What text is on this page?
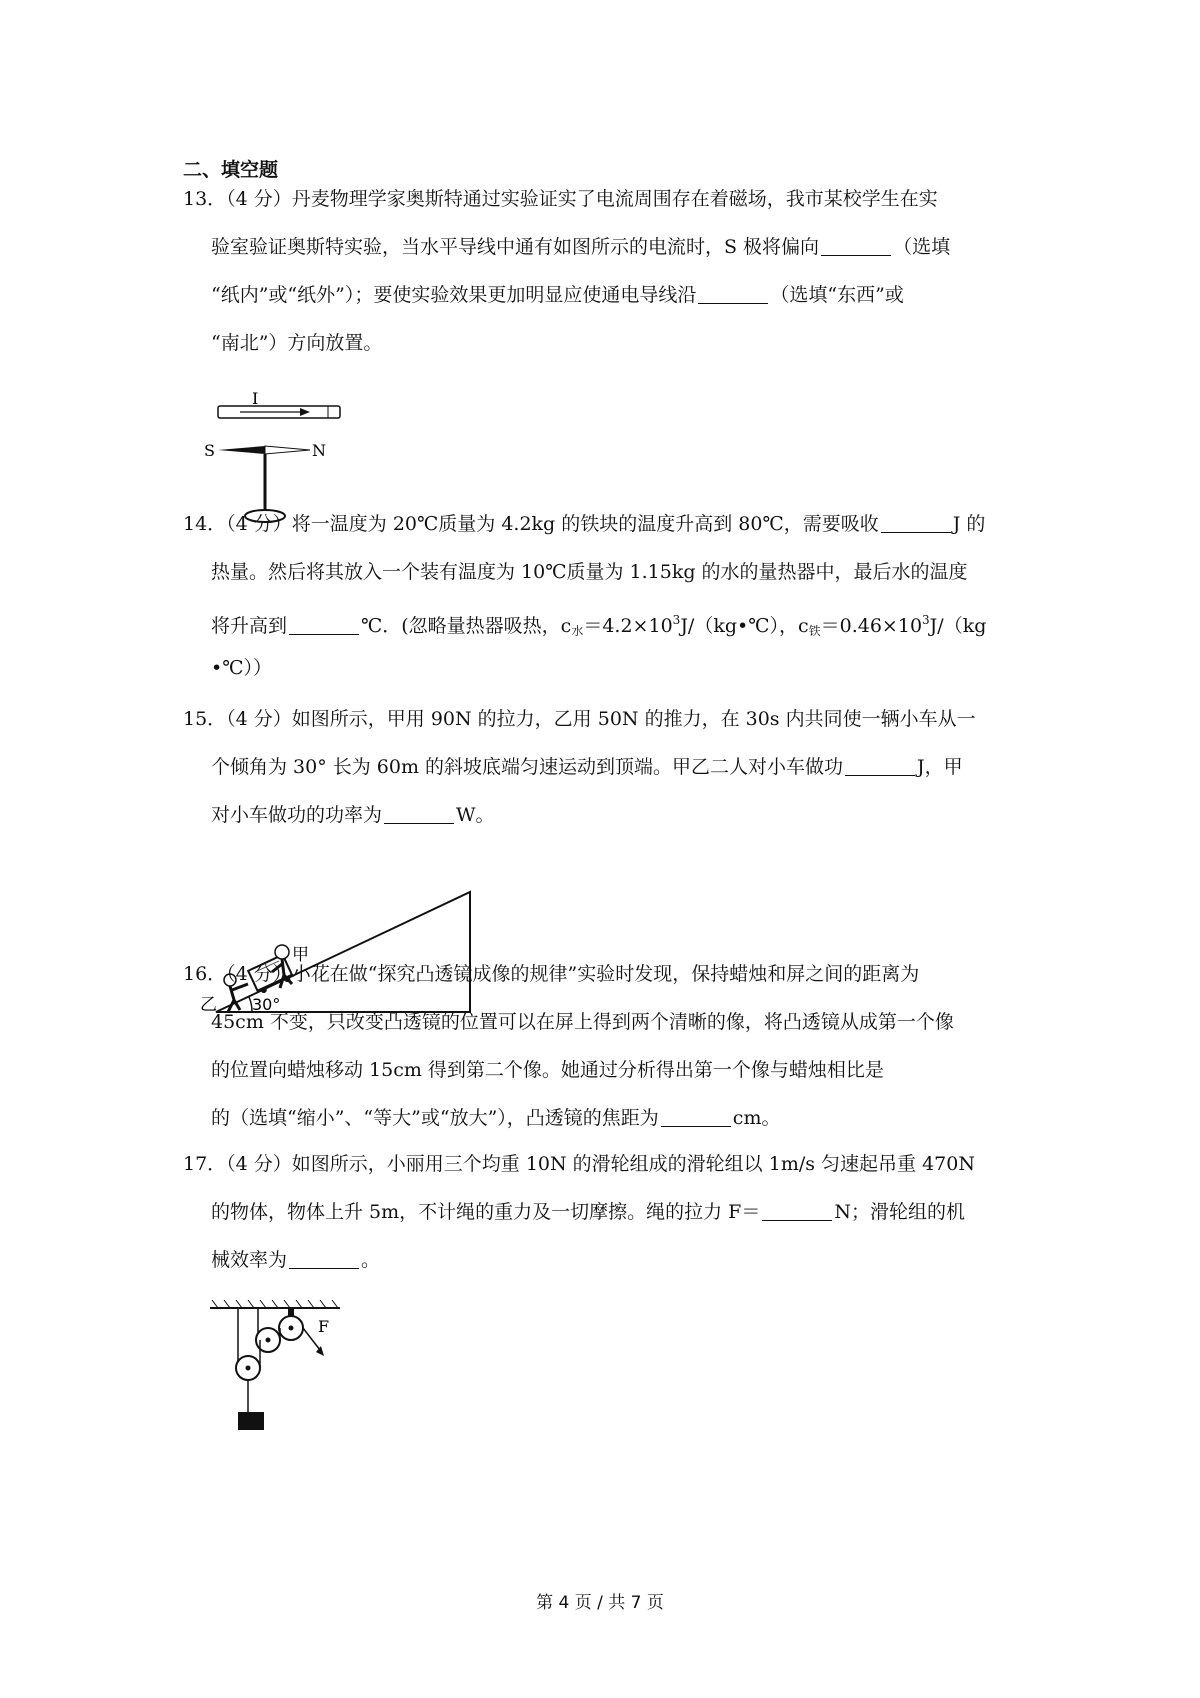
二、填空题
13．（4 分）丹麦物理学家奥斯特通过实验证实了电流周围存在着磁场，我市某校学生在实
验室验证奥斯特实验，当水平导线中通有如图所示的电流时，S 极将偏向	（选填
“纸内”或“纸外”）；要使实验效果更加明显应使通电导线沿	（选填“东西”或
“南北”）方向放置。
I
S	N
14．（4 分）将一温度为 20℃质量为 4.2kg 的铁块的温度升高到 80℃，需要吸收	J 的
热量。然后将其放入一个装有温度为 10℃质量为 1.15kg 的水的量热器中，最后水的温度
将升高到	℃．(忽略量热器吸热，$c_水=4.2\times 10^3J/(kg•℃)$，$c_铁=0.46\times 10^3J/(kg$
•℃））
15．（4 分）如图所示，甲用 90N 的拉力，乙用 50N 的推力，在 30s 内共同使一辆小车从一
个倾角为 30° 长为 60m 的斜坡底端匀速运动到顶端。甲乙二人对小车做功	J，甲
对小车做功的功率为	W。
30°
乙
甲
16．（4 分）小花在做“探究凸透镜成像的规律”实验时发现，保持蜡烛和屏之间的距离为
45cm 不变，只改变凸透镜的位置可以在屏上得到两个清晰的像，将凸透镜从成第一个像
的位置向蜡烛移动 15cm 得到第二个像。她通过分析得出第一个像与蜡烛相比是
的（选填“缩小”、“等大”或“放大”），凸透镜的焦距为	cm。
17．（4 分）如图所示，小丽用三个均重 10N 的滑轮组成的滑轮组以 1m/s 匀速起吊重 470N
的物体，物体上升 5m，不计绳的重力及一切摩擦。绳的拉力 F＝	N；滑轮组的机
械效率为	。
F
第 4 页 / 共 7 页
